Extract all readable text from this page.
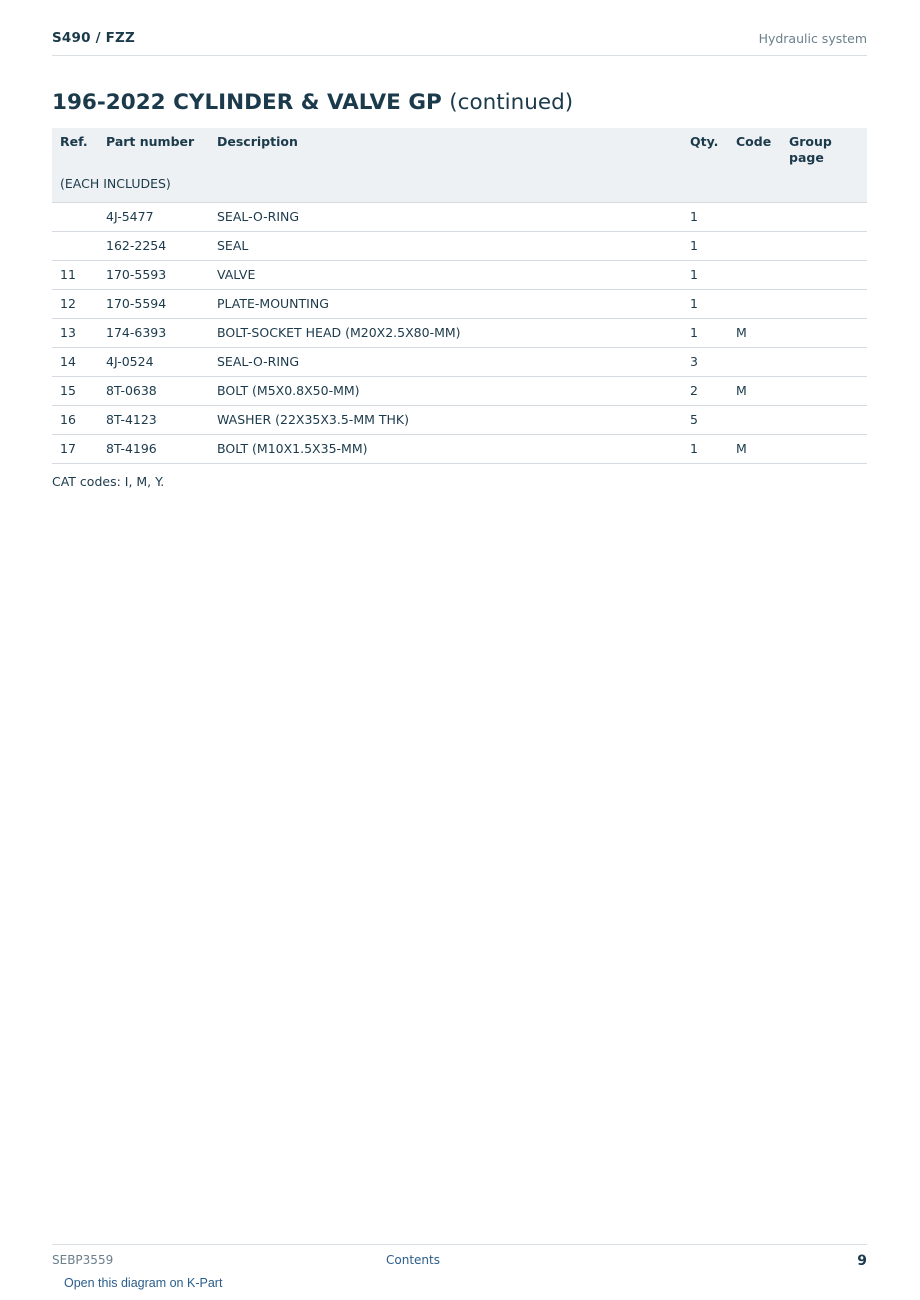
S490 / FZZ	Hydraulic system
196-2022 CYLINDER & VALVE GP (continued)
Ref.	Part number	Description	Qty.	Code	Group page
(EACH INCLUDES)					
	4J-5477	SEAL-O-RING	1		
	162-2254	SEAL	1		
11	170-5593	VALVE	1		
12	170-5594	PLATE-MOUNTING	1		
13	174-6393	BOLT-SOCKET HEAD (M20X2.5X80-MM)	1	M	
14	4J-0524	SEAL-O-RING	3		
15	8T-0638	BOLT (M5X0.8X50-MM)	2	M	
16	8T-4123	WASHER (22X35X3.5-MM THK)	5		
17	8T-4196	BOLT (M10X1.5X35-MM)	1	M	
CAT codes: I, M, Y.
SEBP3559	Contents	9
Open this diagram on K-Part
